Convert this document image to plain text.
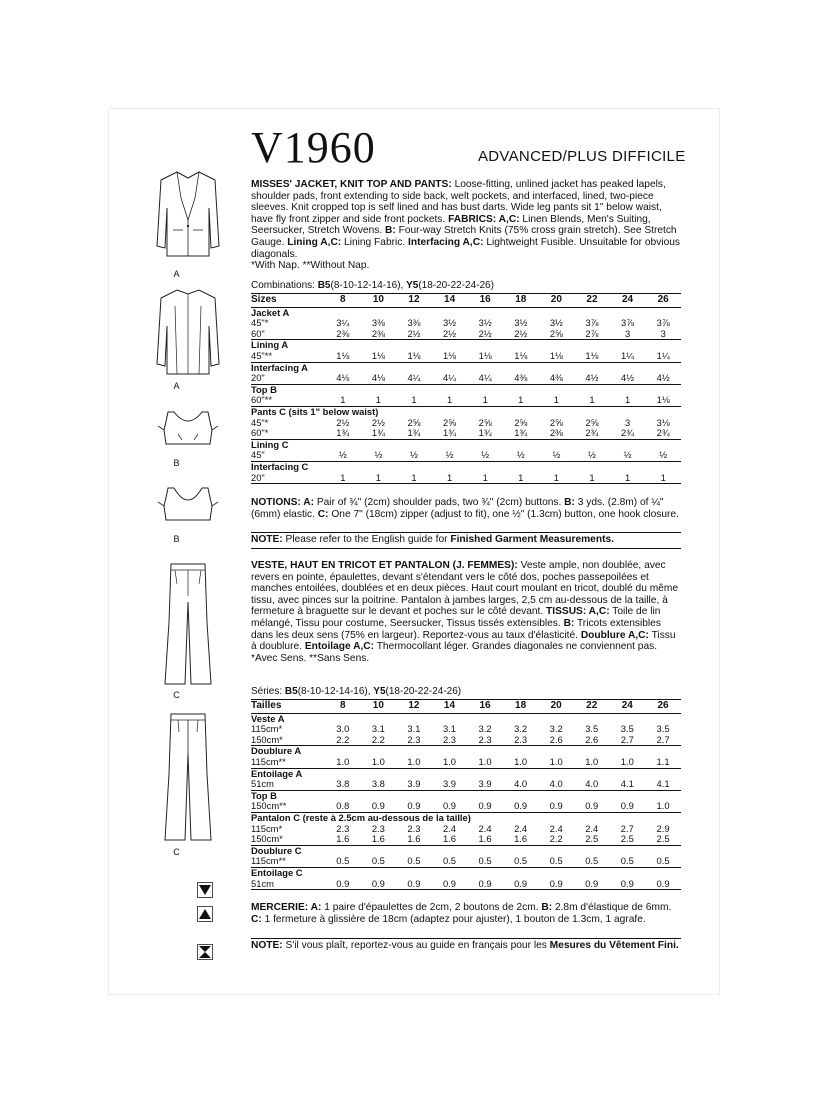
V1960	ADVANCED/PLUS DIFFICILE
A
A
B
B
C
C
MISSES' JACKET, KNIT TOP AND PANTS: Loose-fitting, unlined jacket has peaked lapels, shoulder pads, front extending to side back, welt pockets, and interfaced, lined, two-piece sleeves. Knit cropped top is self lined and has bust darts. Wide leg pants sit 1" below waist, have fly front zipper and side front pockets. FABRICS: A,C: Linen Blends, Men's Suiting, Seersucker, Stretch Wovens. B: Four-way Stretch Knits (75% cross grain stretch). See Stretch Gauge. Lining A,C: Lining Fabric. Interfacing A,C: Lightweight Fusible. Unsuitable for obvious diagonals.
*With Nap. **Without Nap.
Combinations: B5(8-10-12-14-16), Y5(18-20-22-24-26)
Sizes	8	10	12	14	16	18	20	22	24	26
Jacket A										
45"*	3¼	3⅜	3⅜	3½	3½	3½	3½	3⅞	3⅞	3⅞
60"	2⅜	2⅜	2½	2½	2½	2½	2⅝	2⅞	3	3
Lining A										
45"**	1⅛	1⅛	1⅛	1⅛	1⅛	1⅛	1⅛	1⅛	1¼	1¼
Interfacing A										
20"	4⅛	4⅛	4¼	4¼	4¼	4⅜	4⅜	4½	4½	4½
Top B										
60"**	1	1	1	1	1	1	1	1	1	1⅛
Pants C (sits 1" below waist)										
45"*	2½	2½	2⅝	2⅝	2⅝	2⅝	2⅝	2⅝	3	3⅛
60"*	1¾	1¾	1¾	1¾	1¾	1¾	2⅜	2¾	2¾	2¾
Lining C										
45"	½	½	½	½	½	½	½	½	½	½
Interfacing C										
20"	1	1	1	1	1	1	1	1	1	1
NOTIONS: A: Pair of ¾" (2cm) shoulder pads, two ¾" (2cm) buttons. B: 3 yds. (2.8m) of ¼" (6mm) elastic. C: One 7" (18cm) zipper (adjust to fit), one ½" (1.3cm) button, one hook closure.
NOTE: Please refer to the English guide for Finished Garment Measurements.
VESTE, HAUT EN TRICOT ET PANTALON (J. FEMMES): Veste ample, non doublée, avec revers en pointe, épaulettes, devant s'étendant vers le côté dos, poches passepoilées et manches entoilées, doublées et en deux pièces. Haut court moulant en tricot, doublé du même tissu, avec pinces sur la poitrine. Pantalon à jambes larges, 2,5 cm au-dessous de la taille, à fermeture à braguette sur le devant et poches sur le côté devant. TISSUS: A,C: Toile de lin mélangé, Tissu pour costume, Seersucker, Tissus tissés extensibles. B: Tricots extensibles dans les deux sens (75% en largeur). Reportez-vous au taux d'élasticité. Doublure A,C: Tissu à doublure. Entoilage A,C: Thermocollant léger. Grandes diagonales ne conviennent pas.
*Avec Sens. **Sans Sens.
Séries: B5(8-10-12-14-16), Y5(18-20-22-24-26)
Tailles	8	10	12	14	16	18	20	22	24	26
Veste A										
115cm*	3.0	3.1	3.1	3.1	3.2	3.2	3.2	3.5	3.5	3.5
150cm*	2.2	2.2	2.3	2.3	2.3	2.3	2.6	2.6	2.7	2.7
Doublure A										
115cm**	1.0	1.0	1.0	1.0	1.0	1.0	1.0	1.0	1.0	1.1
Entoilage A										
51cm	3.8	3.8	3.9	3.9	3.9	4.0	4.0	4.0	4.1	4.1
Top B										
150cm**	0.8	0.9	0.9	0.9	0.9	0.9	0.9	0.9	0.9	1.0
Pantalon C (reste à 2.5cm au-dessous de la taille)										
115cm*	2.3	2.3	2.3	2.4	2.4	2.4	2.4	2.4	2.7	2.9
150cm*	1.6	1.6	1.6	1.6	1.6	1.6	2.2	2.5	2.5	2.5
Doublure C										
115cm**	0.5	0.5	0.5	0.5	0.5	0.5	0.5	0.5	0.5	0.5
Entoilage C										
51cm	0.9	0.9	0.9	0.9	0.9	0.9	0.9	0.9	0.9	0.9
MERCERIE: A: 1 paire d'épaulettes de 2cm, 2 boutons de 2cm. B: 2.8m d'élastique de 6mm. C: 1 fermeture à glissière de 18cm (adaptez pour ajuster), 1 bouton de 1.3cm, 1 agrafe.
NOTE: S'il vous plaît, reportez-vous au guide en français pour les Mesures du Vêtement Fini.
